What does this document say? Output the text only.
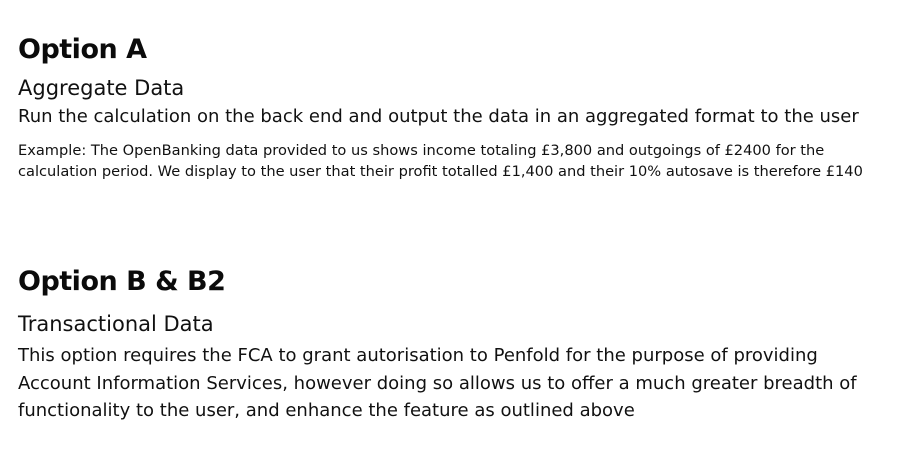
Option A
Aggregate Data

Run the calculation on the back end and output the data in an aggregated format to the user

Example: The OpenBanking data provided to us shows income totaling £3,800 and outgoings of £2400 for the calculation period. We display to the user that their profit totalled £1,400 and their 10% autosave is therefore £140

Option B & B2
Transactional Data

This option requires the FCA to grant autorisation to Penfold for the purpose of providing Account Information Services, however doing so allows us to offer a much greater breadth of functionality to the user, and enhance the feature as outlined above
